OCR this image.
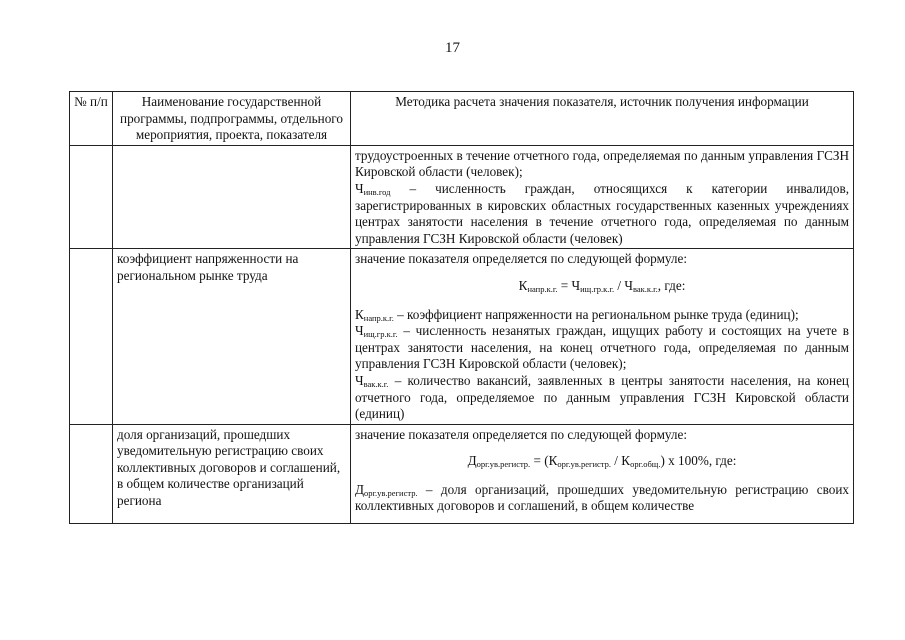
17
№ п/п	Наименование государственной программы, подпрограммы, отдельного мероприятия, проекта, показателя	Методика расчета значения показателя, источник получения информации

		трудоустроенных в течение отчетного года, определяемая по данным управления ГСЗН Кировской области (человек);
$Ч_{инв.год}$ – численность граждан, относящихся к категории инвалидов, зарегистрированных в кировских областных государственных казенных учреждениях центрах занятости населения в течение отчетного года, определяемая по данным управления ГСЗН Кировской области (человек)

	коэффициент напряженности на региональном рынке труда	значение показателя определяется по следующей формуле:
$К_{напр.к.г.} = Ч_{ищ.гр.к.г.} / Ч_{вак.к.г.}$, где:
$К_{напр.к.г.}$ – коэффициент напряженности на региональном рынке труда (единиц);
$Ч_{ищ.гр.к.г.}$ – численность незанятых граждан, ищущих работу и состоящих на учете в центрах занятости населения, на конец отчетного года, определяемая по данным управления ГСЗН Кировской области (человек);
$Ч_{вак.к.г.}$ – количество вакансий, заявленных в центры занятости населения, на конец отчетного года, определяемое по данным управления ГСЗН Кировской области (единиц)

	доля организаций, прошедших уведомительную регистрацию своих коллективных договоров и соглашений, в общем количестве организаций региона	значение показателя определяется по следующей формуле:
$Д_{орг.ув.регистр.} = (К_{орг.ув.регистр.} / К_{орг.общ.})$ x 100%, где:
$Д_{орг.ув.регистр.}$ – доля организаций, прошедших уведомительную регистрацию своих коллективных договоров и соглашений, в общем количестве
